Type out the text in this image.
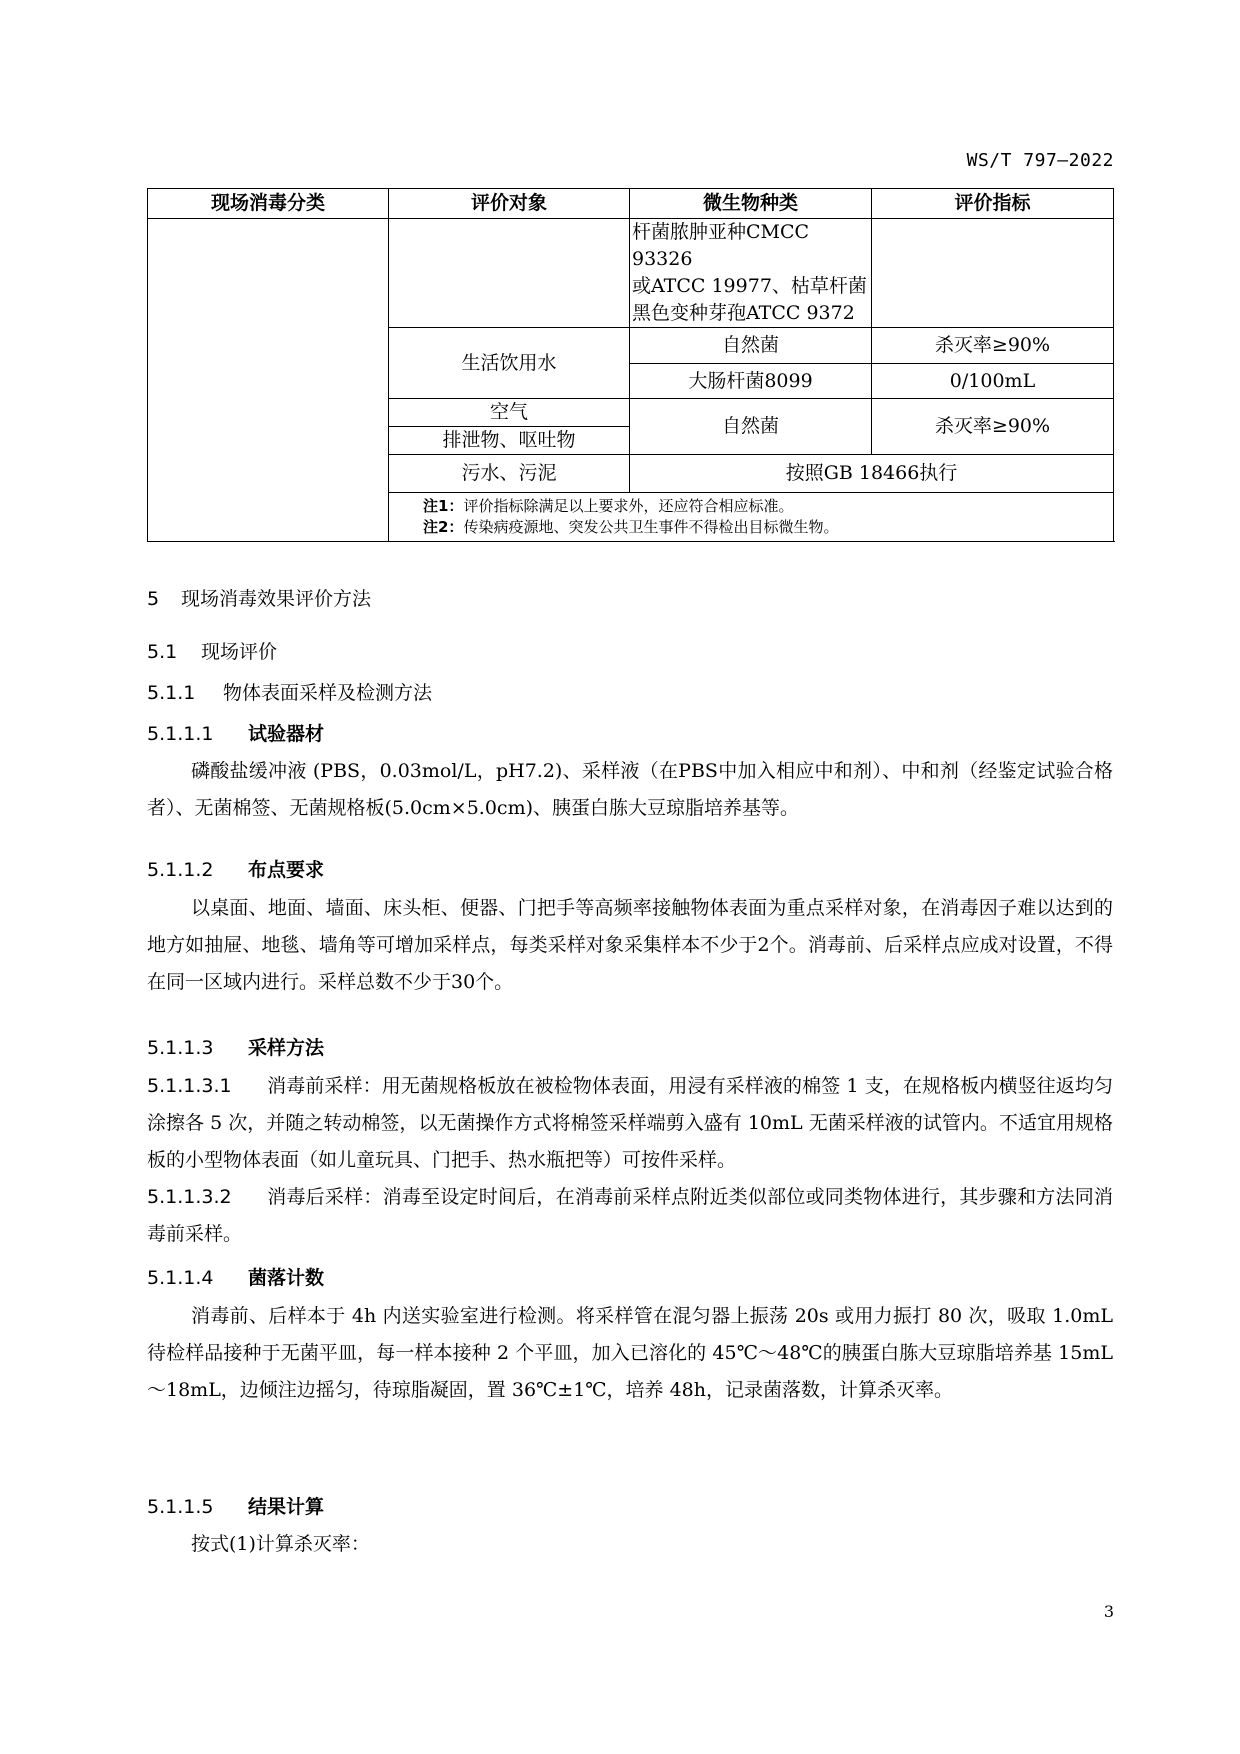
WS/T 797—2022
现场消毒分类	评价对象	微生物种类	评价指标

		杆菌脓肿亚种CMCC 93326
或ATCC 19977、枯草杆菌
黑色变种芽孢ATCC 9372	

	生活饮用水	自然菌	杀灭率≥90%
		大肠杆菌8099	0/100mL
	空气	自然菌	杀灭率≥90%
	排泄物、呕吐物		
	污水、污泥	按照GB 18466执行	

	注1：评价指标除满足以上要求外，还应符合相应标准。
注2：传染病疫源地、突发公共卫生事件不得检出目标微生物。		
5 现场消毒效果评价方法
5.1 现场评价
5.1.1 物体表面采样及检测方法
5.1.1.1 试验器材
磷酸盐缓冲液 (PBS，0.03mol/L，pH7.2)、采样液（在PBS中加入相应中和剂）、中和剂（经鉴定试验合格者）、无菌棉签、无菌规格板(5.0cm×5.0cm)、胰蛋白胨大豆琼脂培养基等。
5.1.1.2 布点要求
以桌面、地面、墙面、床头柜、便器、门把手等高频率接触物体表面为重点采样对象，在消毒因子难以达到的地方如抽屉、地毯、墙角等可增加采样点，每类采样对象采集样本不少于2个。消毒前、后采样点应成对设置，不得在同一区域内进行。采样总数不少于30个。
5.1.1.3 采样方法
5.1.1.3.1 消毒前采样：用无菌规格板放在被检物体表面，用浸有采样液的棉签 1 支，在规格板内横竖往返均匀涂擦各 5 次，并随之转动棉签，以无菌操作方式将棉签采样端剪入盛有 10mL 无菌采样液的试管内。不适宜用规格板的小型物体表面（如儿童玩具、门把手、热水瓶把等）可按件采样。
5.1.1.3.2 消毒后采样：消毒至设定时间后，在消毒前采样点附近类似部位或同类物体进行，其步骤和方法同消毒前采样。
5.1.1.4 菌落计数
消毒前、后样本于 4h 内送实验室进行检测。将采样管在混匀器上振荡 20s 或用力振打 80 次，吸取 1.0mL 待检样品接种于无菌平皿，每一样本接种 2 个平皿，加入已溶化的 45℃～48℃的胰蛋白胨大豆琼脂培养基 15mL～18mL，边倾注边摇匀，待琼脂凝固，置 36℃±1℃，培养 48h，记录菌落数，计算杀灭率。
5.1.1.5 结果计算
按式(1)计算杀灭率：
3
